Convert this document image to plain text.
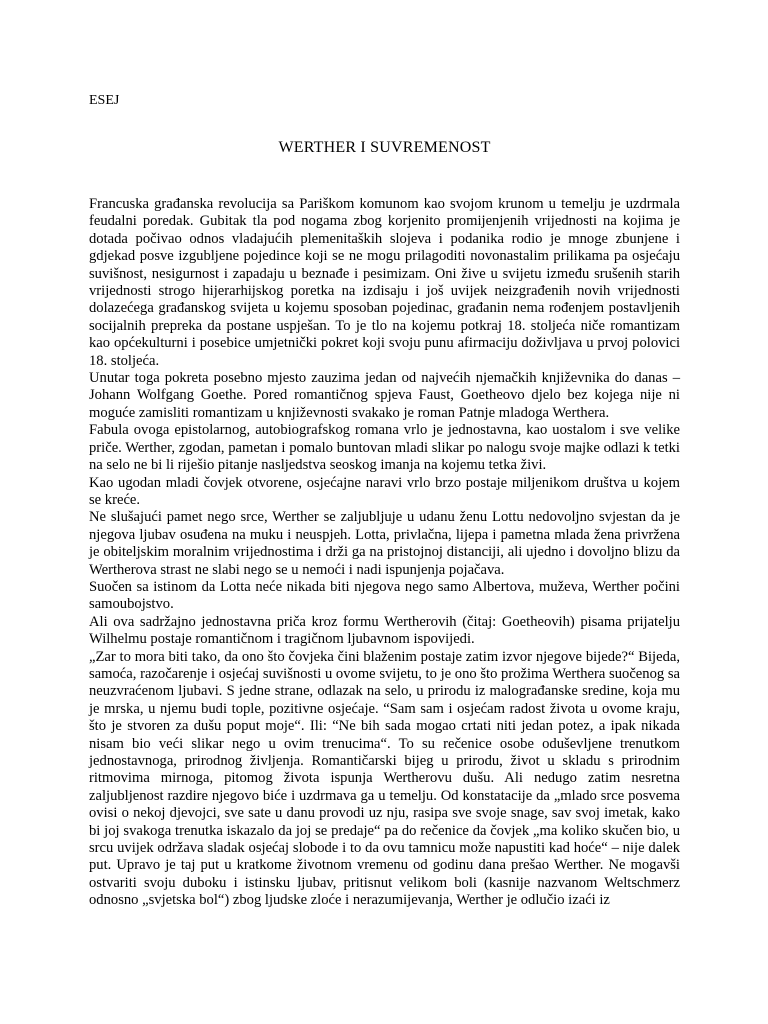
ESEJ

WERTHER I SUVREMENOST

Francuska građanska revolucija sa Pariškom komunom kao svojom krunom u temelju je uzdrmala feudalni poredak. Gubitak tla pod nogama zbog korjenito promijenjenih vrijednosti na kojima je dotada počivao odnos vladajućih plemenitaških slojeva i podanika rodio je mnoge zbunjene i gdjekad posve izgubljene pojedince koji se ne mogu prilagoditi novonastalim prilikama pa osjećaju suvišnost, nesigurnost i zapadaju u beznađe i pesimizam. Oni žive u svijetu između srušenih starih vrijednosti strogo hijerarhijskog poretka na izdisaju i još uvijek neizgrađenih novih vrijednosti dolazećega građanskog svijeta u kojemu sposoban pojedinac, građanin nema rođenjem postavljenih socijalnih prepreka da postane uspješan. To je tlo na kojemu potkraj 18. stoljeća niče romantizam kao općekulturni i posebice umjetnički pokret koji svoju punu afirmaciju doživljava u prvoj polovici 18. stoljeća.

Unutar toga pokreta posebno mjesto zauzima jedan od najvećih njemačkih književnika do danas – Johann Wolfgang Goethe. Pored romantičnog spjeva Faust, Goetheovo djelo bez kojega nije ni moguće zamisliti romantizam u književnosti svakako je roman Patnje mladoga Werthera.

Fabula ovoga epistolarnog, autobiografskog romana vrlo je jednostavna, kao uostalom i sve velike priče. Werther, zgodan, pametan i pomalo buntovan mladi slikar po nalogu svoje majke odlazi k tetki na selo ne bi li riješio pitanje nasljedstva seoskog imanja na kojemu tetka živi.

Kao ugodan mladi čovjek otvorene, osjećajne naravi vrlo brzo postaje miljenikom društva u kojem se kreće.

Ne slušajući pamet nego srce, Werther se zaljubljuje u udanu ženu Lottu nedovoljno svjestan da je njegova ljubav osuđena na muku i neuspjeh. Lotta, privlačna, lijepa i pametna mlada žena privržena je obiteljskim moralnim vrijednostima i drži ga na pristojnoj distanciji, ali ujedno i dovoljno blizu da Wertherova strast ne slabi nego se u nemoći i nadi ispunjenja pojačava.

Suočen sa istinom da Lotta neće nikada biti njegova nego samo Albertova, muževa, Werther počini samoubojstvo.

Ali ova sadržajno jednostavna priča kroz formu Wertherovih (čitaj: Goetheovih) pisama prijatelju Wilhelmu postaje romantičnom i tragičnom ljubavnom ispovijedi.

„Zar to mora biti tako, da ono što čovjeka čini blaženim postaje zatim izvor njegove bijede?“ Bijeda, samoća, razočarenje i osjećaj suvišnosti u ovome svijetu, to je ono što prožima Werthera suočenog sa neuzvraćenom ljubavi. S jedne strane, odlazak na selo, u prirodu iz malograđanske sredine, koja mu je mrska, u njemu budi tople, pozitivne osjećaje. “Sam sam i osjećam radost života u ovome kraju, što je stvoren za dušu poput moje“. Ili: “Ne bih sada mogao crtati niti jedan potez, a ipak nikada nisam bio veći slikar nego u ovim trenucima“. To su rečenice osobe oduševljene trenutkom jednostavnoga, prirodnog življenja. Romantičarski bijeg u prirodu, život u skladu s prirodnim ritmovima mirnoga, pitomog života ispunja Wertherovu dušu. Ali nedugo zatim nesretna zaljubljenost razdire njegovo biće i uzdrmava ga u temelju. Od konstatacije da „mlado srce posvema ovisi o nekoj djevojci, sve sate u danu provodi uz nju, rasipa sve svoje snage, sav svoj imetak, kako bi joj svakoga trenutka iskazalo da joj se predaje“ pa do rečenice da čovjek „ma koliko skučen bio, u srcu uvijek održava sladak osjećaj slobode i to da ovu tamnicu može napustiti kad hoće“ – nije dalek put. Upravo je taj put u kratkome životnom vremenu od godinu dana prešao Werther. Ne mogavši ostvariti svoju duboku i istinsku ljubav, pritisnut velikom boli (kasnije nazvanom Weltschmerz odnosno „svjetska bol“) zbog ljudske zloće i nerazumijevanja, Werther je odlučio izaći iz
